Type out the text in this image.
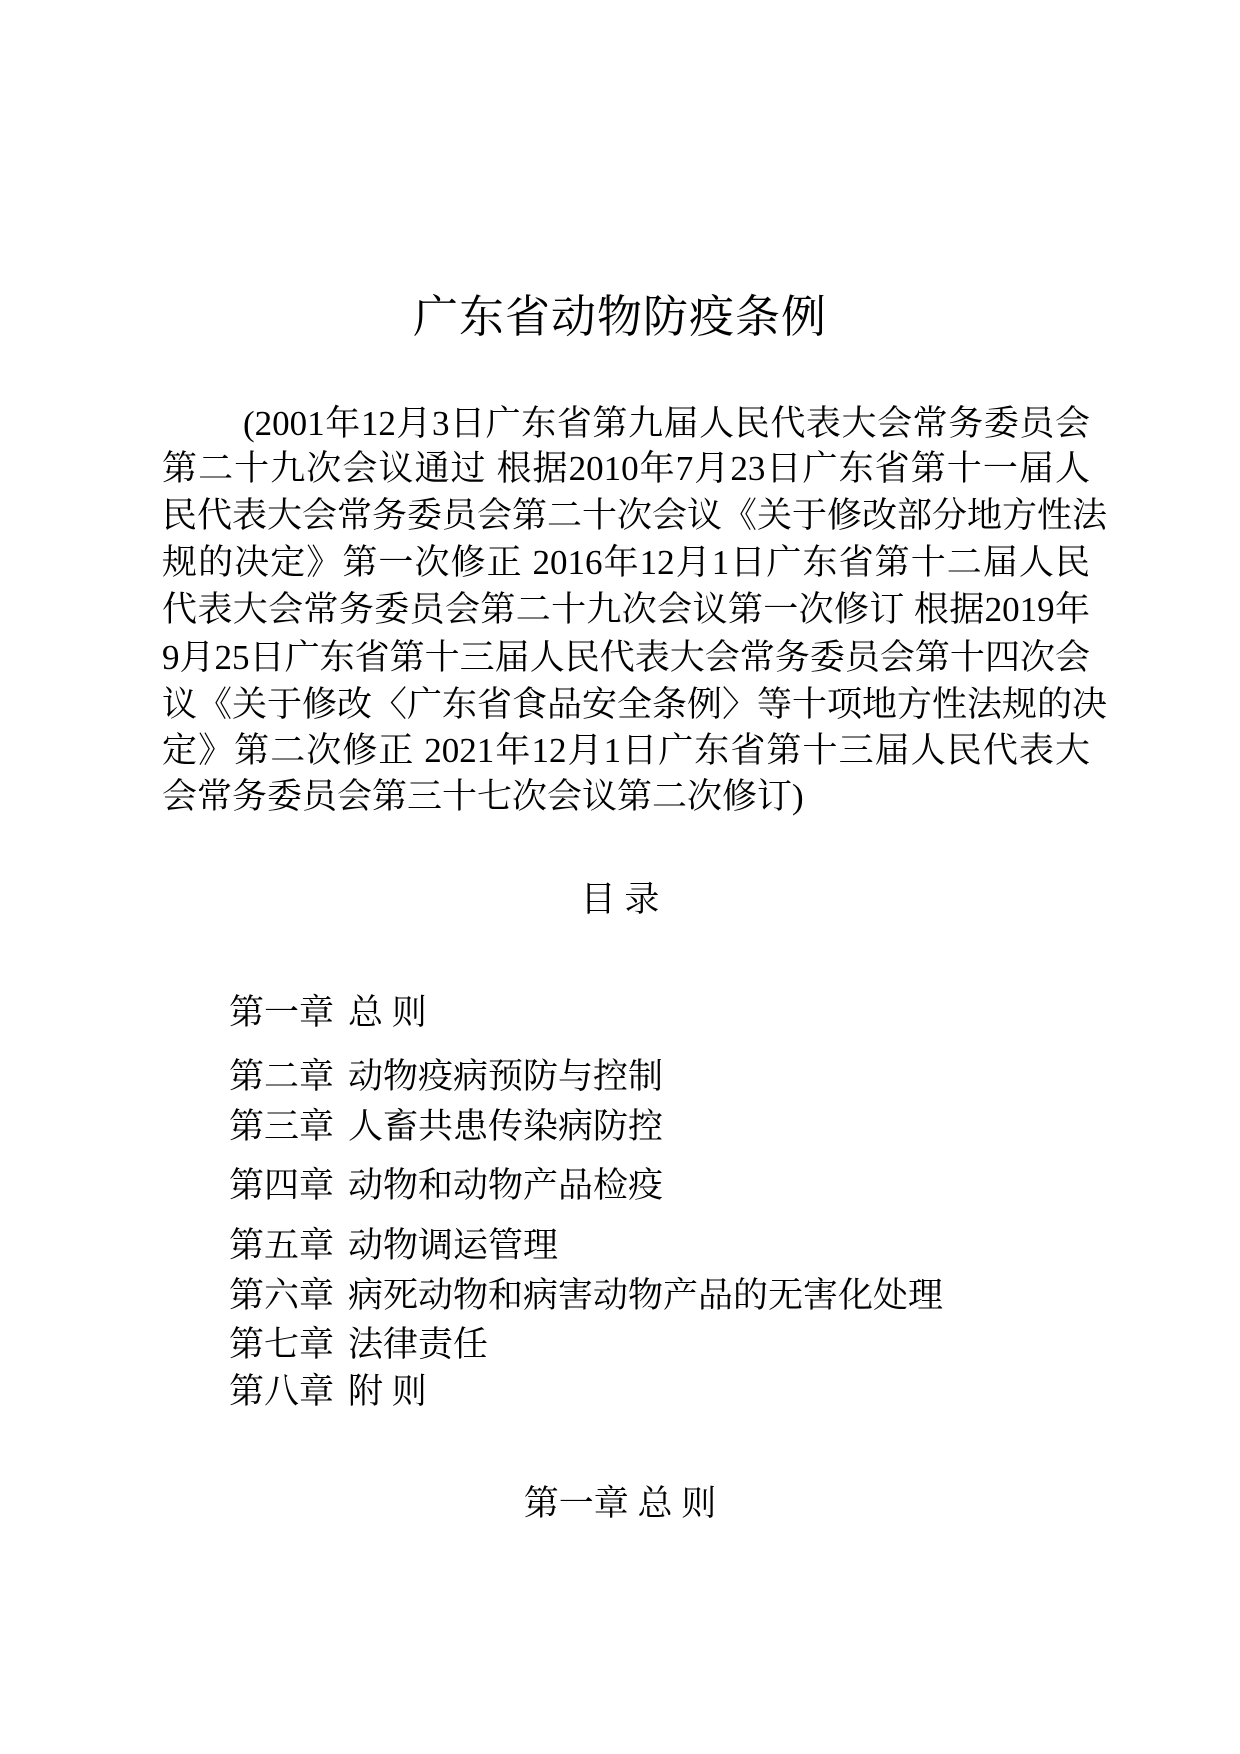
广东省动物防疫条例
(2001年12月3日广东省第九届人民代表大会常务委员会
第二十九次会议通过 根据2010年7月23日广东省第十一届人
民代表大会常务委员会第二十次会议《关于修改部分地方性法
规的决定》第一次修正 2016年12月1日广东省第十二届人民
代表大会常务委员会第二十九次会议第一次修订 根据2019年
9月25日广东省第十三届人民代表大会常务委员会第十四次会
议《关于修改〈广东省食品安全条例〉等十项地方性法规的决
定》第二次修正 2021年12月1日广东省第十三届人民代表大
会常务委员会第三十七次会议第二次修订)
目 录
第一章 总 则
第二章 动物疫病预防与控制
第三章 人畜共患传染病防控
第四章 动物和动物产品检疫
第五章 动物调运管理
第六章 病死动物和病害动物产品的无害化处理
第七章 法律责任
第八章 附 则
第一章 总 则
